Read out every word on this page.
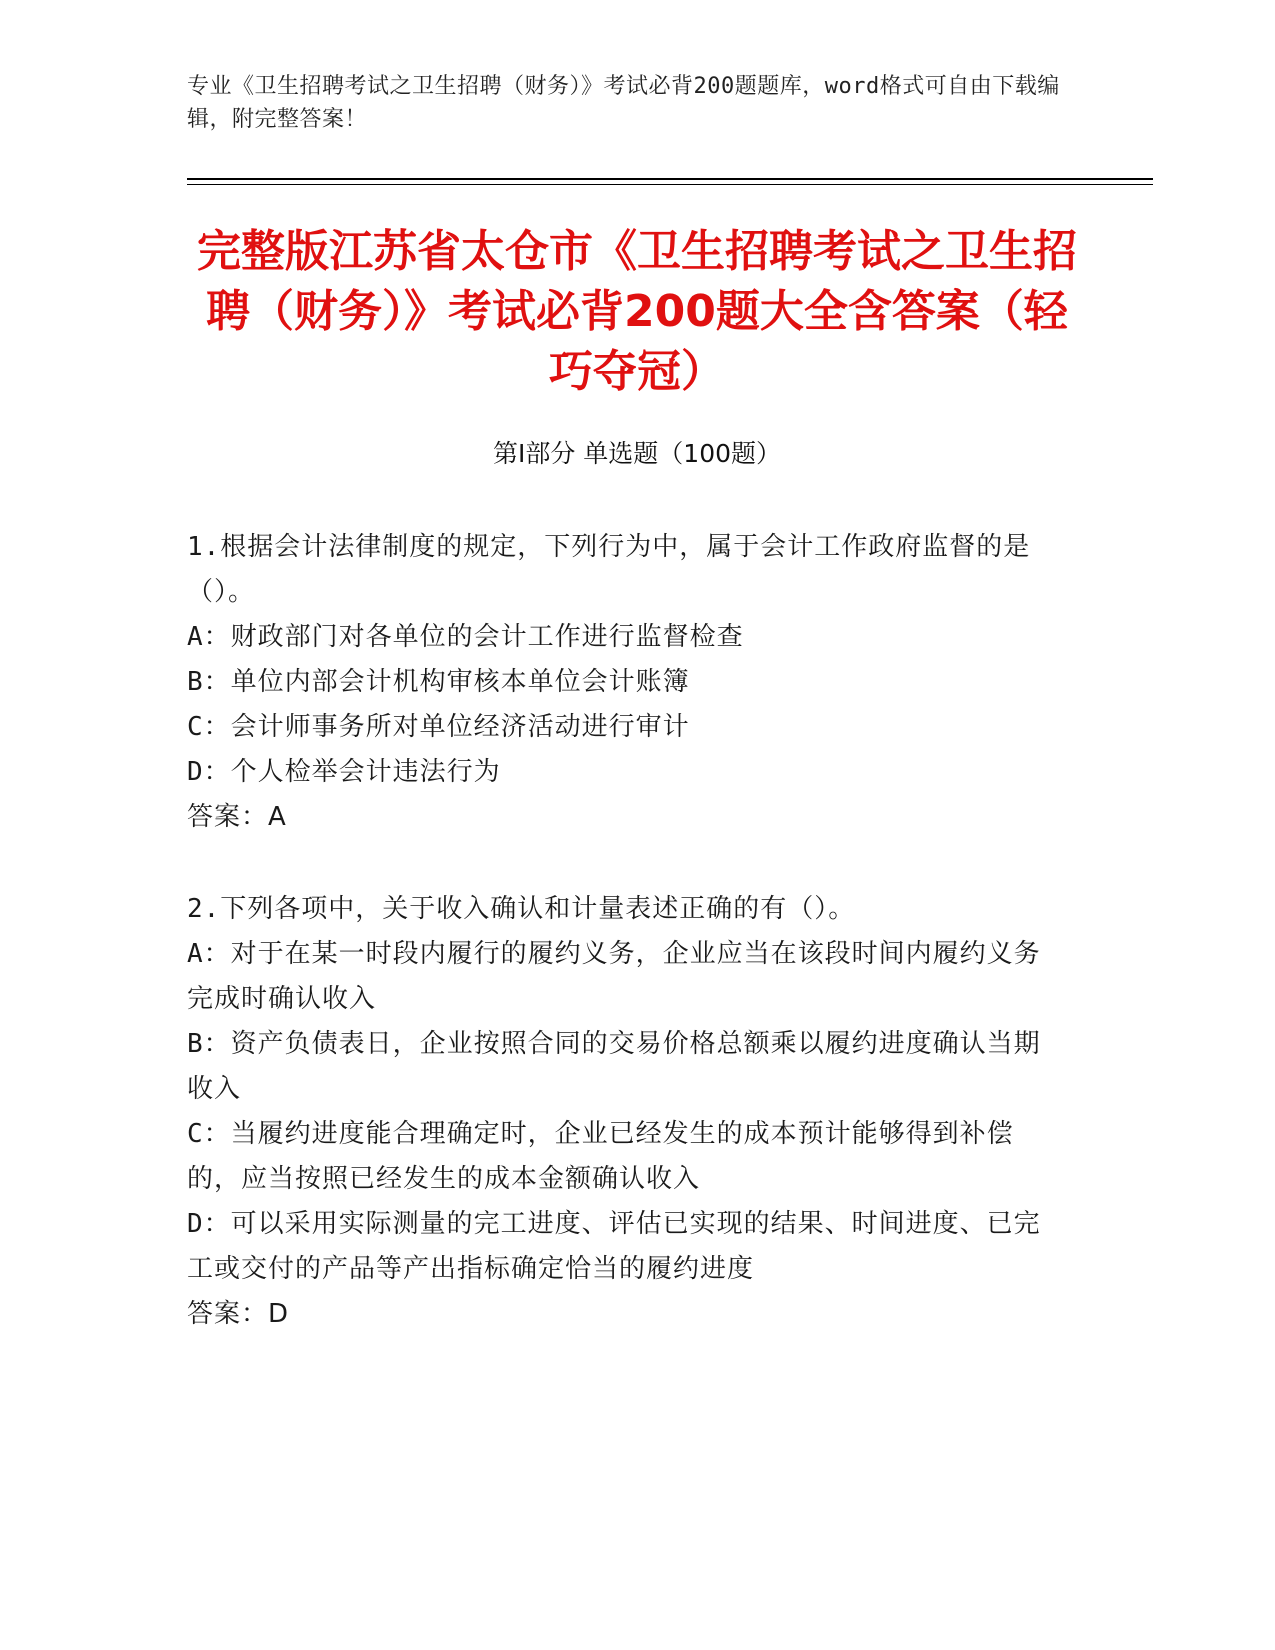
专业《卫生招聘考试之卫生招聘（财务）》考试必背200题题库，word格式可自由下载编辑，附完整答案！
完整版江苏省太仓市《卫生招聘考试之卫生招聘（财务）》考试必背200题大全含答案（轻巧夺冠）
第Ⅰ部分 单选题（100题）
1.根据会计法律制度的规定，下列行为中，属于会计工作政府监督的是（）。
A：财政部门对各单位的会计工作进行监督检查
B：单位内部会计机构审核本单位会计账簿
C：会计师事务所对单位经济活动进行审计
D：个人检举会计违法行为
答案：A
2.下列各项中，关于收入确认和计量表述正确的有（）。
A：对于在某一时段内履行的履约义务，企业应当在该段时间内履约义务完成时确认收入
B：资产负债表日，企业按照合同的交易价格总额乘以履约进度确认当期收入
C：当履约进度能合理确定时，企业已经发生的成本预计能够得到补偿的，应当按照已经发生的成本金额确认收入
D：可以采用实际测量的完工进度、评估已实现的结果、时间进度、已完工或交付的产品等产出指标确定恰当的履约进度
答案：D
